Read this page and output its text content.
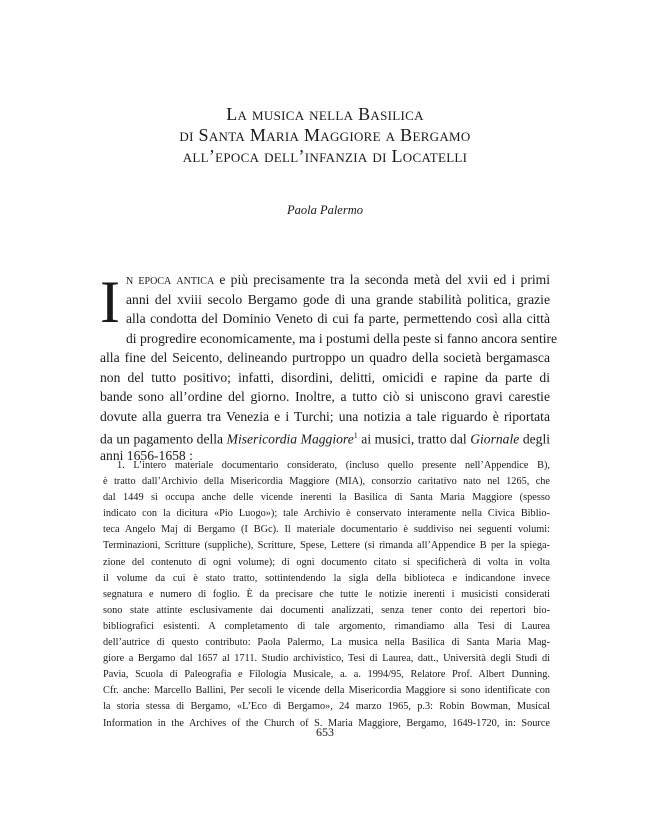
La musica nella Basilica
di Santa Maria Maggiore a Bergamo
all’epoca dell’infanzia di Locatelli
Paola Palermo
I n epoca antica e più precisamente tra la seconda metà del xvii ed i primi
anni del xviii secolo Bergamo gode di una grande stabilità politica, grazie
alla condotta del Dominio Veneto di cui fa parte, permettendo così alla città
di progredire economicamente, ma i postumi della peste si fanno ancora sentire
alla fine del Seicento, delineando purtroppo un quadro della società bergamasca
non del tutto positivo; infatti, disordini, delitti, omicidi e rapine da parte di
bande sono all’ordine del giorno. Inoltre, a tutto ciò si uniscono gravi carestie
dovute alla guerra tra Venezia e i Turchi; una notizia a tale riguardo è riportata
da un pagamento della Misericordia Maggiore$^1$ ai musici, tratto dal Giornale degli
anni 1656-1658 :
1. L’intero materiale documentario considerato, (incluso quello presente nell’Appendice B),
è tratto dall’Archivio della Misericordia Maggiore (MIA), consorzio caritativo nato nel 1265, che
dal 1449 si occupa anche delle vicende inerenti la Basilica di Santa Maria Maggiore (spesso
indicato con la dicitura «Pio Luogo»); tale Archivio è conservato interamente nella Civica Biblio-
teca Angelo Maj di Bergamo (I BGc). Il materiale documentario è suddiviso nei seguenti volumi:
Terminazioni, Scritture (suppliche), Scritture, Spese, Lettere (si rimanda all’Appendice B per la spiega-
zione del contenuto di ogni volume); di ogni documento citato si specificherà di volta in volta
il volume da cui è stato tratto, sottintendendo la sigla della biblioteca e indicandone invece
segnatura e numero di foglio. È da precisare che tutte le notizie inerenti i musicisti considerati
sono state attinte esclusivamente dai documenti analizzati, senza tener conto dei repertori bio-
bibliografici esistenti. A completamento di tale argomento, rimandiamo alla Tesi di Laurea
dell’autrice di questo contributo: Paola Palermo, La musica nella Basilica di Santa Maria Mag-
giore a Bergamo dal 1657 al 1711. Studio archivistico, Tesi di Laurea, datt., Università degli Studi di
Pavia, Scuola di Paleografia e Filologia Musicale, a. a. 1994/95, Relatore Prof. Albert Dunning.
Cfr. anche: Marcello Ballini, Per secoli le vicende della Misericordia Maggiore si sono identificate con
la storia stessa di Bergamo, «L’Eco di Bergamo», 24 marzo 1965, p.3: Robin Bowman, Musical
Information in the Archives of the Church of S. Maria Maggiore, Bergamo, 1649-1720, in: Source
653
